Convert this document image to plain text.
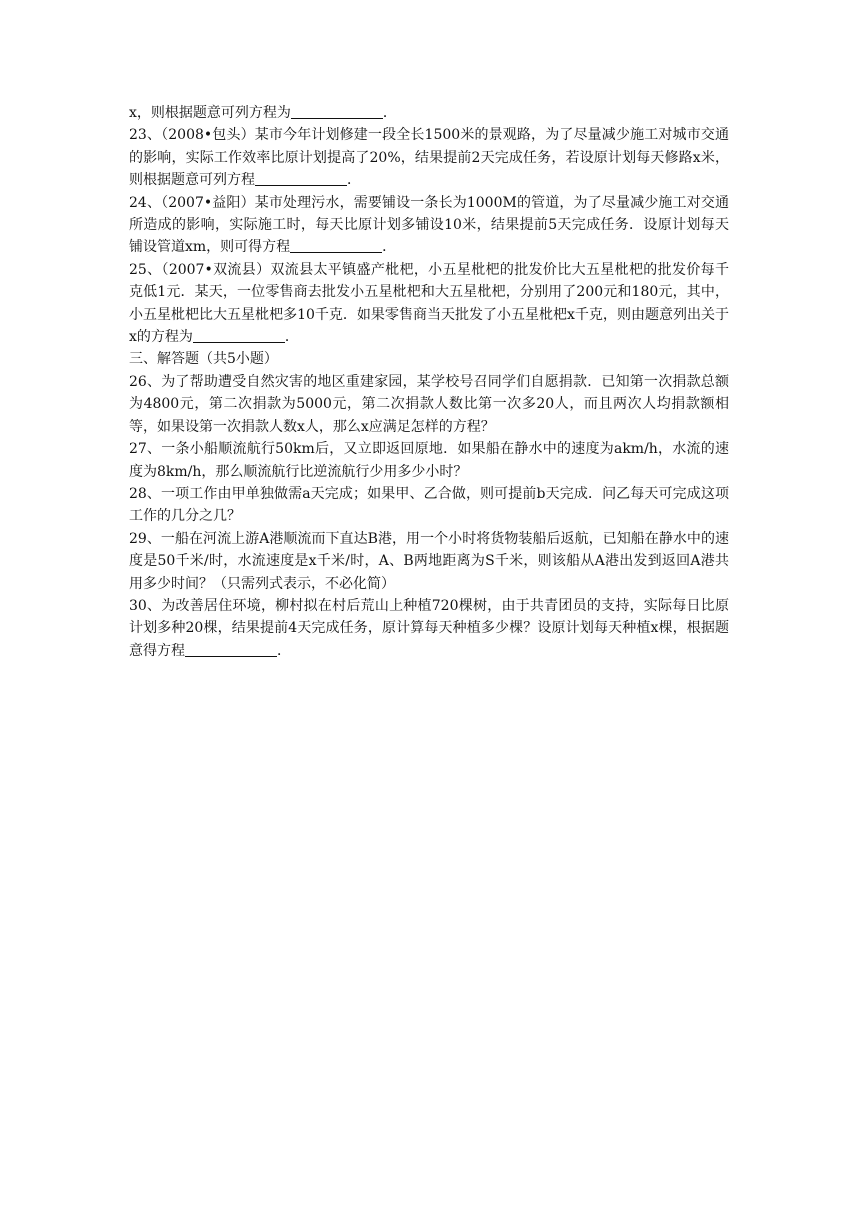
x，则根据题意可列方程为	．

23、（2008•包头）某市今年计划修建一段全长1500米的景观路，为了尽量减少施工对城市交通的影响，实际工作效率比原计划提高了20%，结果提前2天完成任务，若设原计划每天修路x米，则根据题意可列方程	．

24、（2007•益阳）某市处理污水，需要铺设一条长为1000M的管道，为了尽量减少施工对交通所造成的影响，实际施工时，每天比原计划多铺设10米，结果提前5天完成任务．设原计划每天铺设管道xm，则可得方程	．

25、（2007•双流县）双流县太平镇盛产枇杷，小五星枇杷的批发价比大五星枇杷的批发价每千克低1元．某天，一位零售商去批发小五星枇杷和大五星枇杷，分别用了200元和180元，其中，小五星枇杷比大五星枇杷多10千克．如果零售商当天批发了小五星枇杷x千克，则由题意列出关于x的方程为	．

三、解答题（共5小题）

26、为了帮助遭受自然灾害的地区重建家园，某学校号召同学们自愿捐款．已知第一次捐款总额为4800元，第二次捐款为5000元，第二次捐款人数比第一次多20人，而且两次人均捐款额相等，如果设第一次捐款人数x人，那么x应满足怎样的方程？

27、一条小船顺流航行50km后，又立即返回原地．如果船在静水中的速度为akm/h，水流的速度为8km/h，那么顺流航行比逆流航行少用多少小时？

28、一项工作由甲单独做需a天完成；如果甲、乙合做，则可提前b天完成．问乙每天可完成这项工作的几分之几？

29、一船在河流上游A港顺流而下直达B港，用一个小时将货物装船后返航，已知船在静水中的速度是50千米/时，水流速度是x千米/时，A、B两地距离为S千米，则该船从A港出发到返回A港共用多少时间？（只需列式表示，不必化简）

30、为改善居住环境，柳村拟在村后荒山上种植720棵树，由于共青团员的支持，实际每日比原计划多种20棵，结果提前4天完成任务，原计算每天种植多少棵？设原计划每天种植x棵，根据题意得方程	．
